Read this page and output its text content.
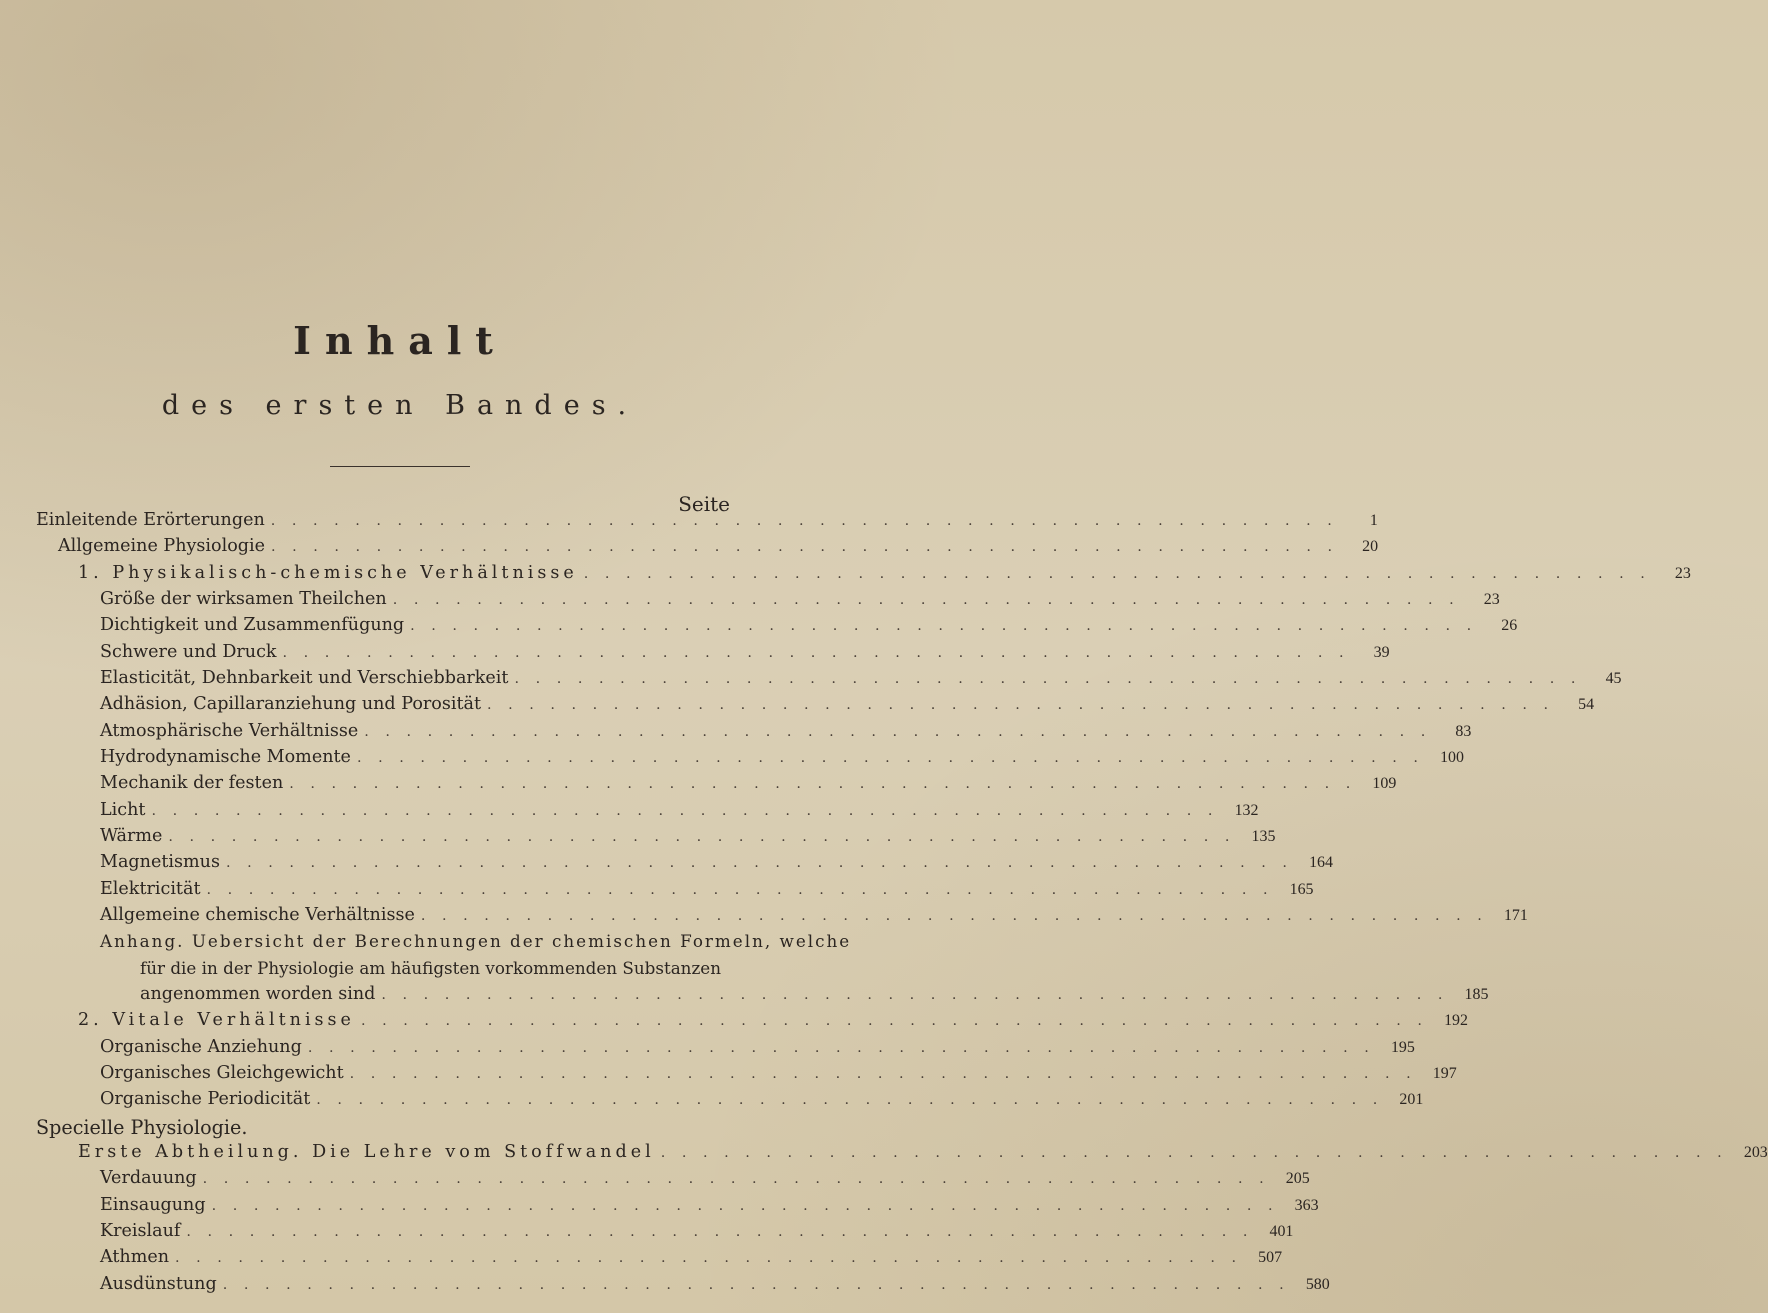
Inhalt
des ersten Bandes.
Seite
Einleitende Erörterungen . . . . . . . . . . . . . . . . . . . . . . . . . . . . . . . . . . . . . . . . . . . . . . . . . . .	1
Allgemeine Physiologie . . . . . . . . . . . . . . . . . . . . . . . . . . . . . . . . . . . . . . . . . . . . . . . . . . .	20
1. Physikalisch-chemische Verhältnisse . . . . . . . . . . . . . . . . . . . . . . . . . . . . . . . . . . . . . . . . . . . . . . . . . . .	23
Größe der wirksamen Theilchen . . . . . . . . . . . . . . . . . . . . . . . . . . . . . . . . . . . . . . . . . . . . . . . . . . .	23
Dichtigkeit und Zusammenfügung . . . . . . . . . . . . . . . . . . . . . . . . . . . . . . . . . . . . . . . . . . . . . . . . . . .	26
Schwere und Druck . . . . . . . . . . . . . . . . . . . . . . . . . . . . . . . . . . . . . . . . . . . . . . . . . . .	39
Elasticität, Dehnbarkeit und Verschiebbarkeit . . . . . . . . . . . . . . . . . . . . . . . . . . . . . . . . . . . . . . . . . . . . . . . . . . .	45
Adhäsion, Capillaranziehung und Porosität . . . . . . . . . . . . . . . . . . . . . . . . . . . . . . . . . . . . . . . . . . . . . . . . . . .	54
Atmosphärische Verhältnisse . . . . . . . . . . . . . . . . . . . . . . . . . . . . . . . . . . . . . . . . . . . . . . . . . . .	83
Hydrodynamische Momente . . . . . . . . . . . . . . . . . . . . . . . . . . . . . . . . . . . . . . . . . . . . . . . . . . .	100
Mechanik der festen . . . . . . . . . . . . . . . . . . . . . . . . . . . . . . . . . . . . . . . . . . . . . . . . . . .	109
Licht . . . . . . . . . . . . . . . . . . . . . . . . . . . . . . . . . . . . . . . . . . . . . . . . . . .	132
Wärme . . . . . . . . . . . . . . . . . . . . . . . . . . . . . . . . . . . . . . . . . . . . . . . . . . .	135
Magnetismus . . . . . . . . . . . . . . . . . . . . . . . . . . . . . . . . . . . . . . . . . . . . . . . . . . .	164
Elektricität . . . . . . . . . . . . . . . . . . . . . . . . . . . . . . . . . . . . . . . . . . . . . . . . . . .	165
Allgemeine chemische Verhältnisse . . . . . . . . . . . . . . . . . . . . . . . . . . . . . . . . . . . . . . . . . . . . . . . . . . .	171
Anhang. Uebersicht der Berechnungen der chemischen Formeln, welche
für die in der Physiologie am häufigsten vorkommenden Substanzen
angenommen worden sind . . . . . . . . . . . . . . . . . . . . . . . . . . . . . . . . . . . . . . . . . . . . . . . . . . .	185
2. Vitale Verhältnisse . . . . . . . . . . . . . . . . . . . . . . . . . . . . . . . . . . . . . . . . . . . . . . . . . . .	192
Organische Anziehung . . . . . . . . . . . . . . . . . . . . . . . . . . . . . . . . . . . . . . . . . . . . . . . . . . .	195
Organisches Gleichgewicht . . . . . . . . . . . . . . . . . . . . . . . . . . . . . . . . . . . . . . . . . . . . . . . . . . .	197
Organische Periodicität . . . . . . . . . . . . . . . . . . . . . . . . . . . . . . . . . . . . . . . . . . . . . . . . . . .	201
Specielle Physiologie.
Erste Abtheilung. Die Lehre vom Stoffwandel . . . . . . . . . . . . . . . . . . . . . . . . . . . . . . . . . . . . . . . . . . . . . . . . . . .	203
Verdauung . . . . . . . . . . . . . . . . . . . . . . . . . . . . . . . . . . . . . . . . . . . . . . . . . . .	205
Einsaugung . . . . . . . . . . . . . . . . . . . . . . . . . . . . . . . . . . . . . . . . . . . . . . . . . . .	363
Kreislauf . . . . . . . . . . . . . . . . . . . . . . . . . . . . . . . . . . . . . . . . . . . . . . . . . . .	401
Athmen . . . . . . . . . . . . . . . . . . . . . . . . . . . . . . . . . . . . . . . . . . . . . . . . . . .	507
Ausdünstung . . . . . . . . . . . . . . . . . . . . . . . . . . . . . . . . . . . . . . . . . . . . . . . . . . .	580
